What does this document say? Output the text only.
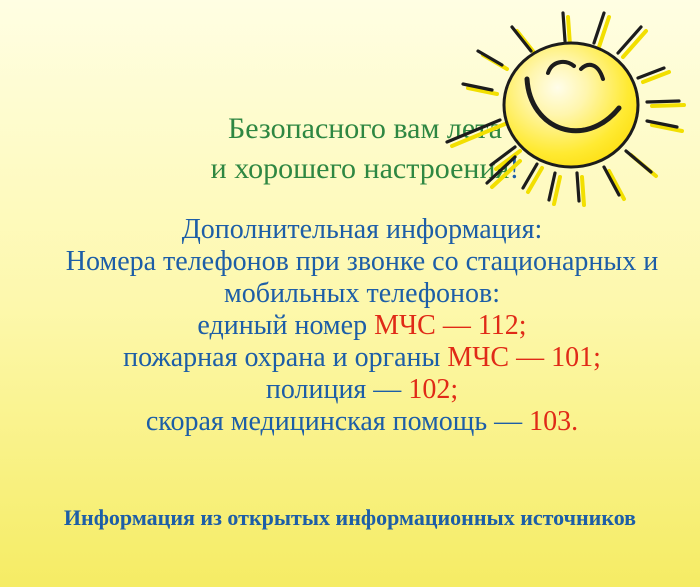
Безопасного вам лета
и хорошего настроения!
Дополнительная информация:
Номера телефонов при звонке со стационарных и
мобильных телефонов:
единый номер МЧС — 112;
пожарная охрана и органы МЧС — 101;
полиция — 102;
скорая медицинская помощь — 103.
Информация из открытых информационных источников
